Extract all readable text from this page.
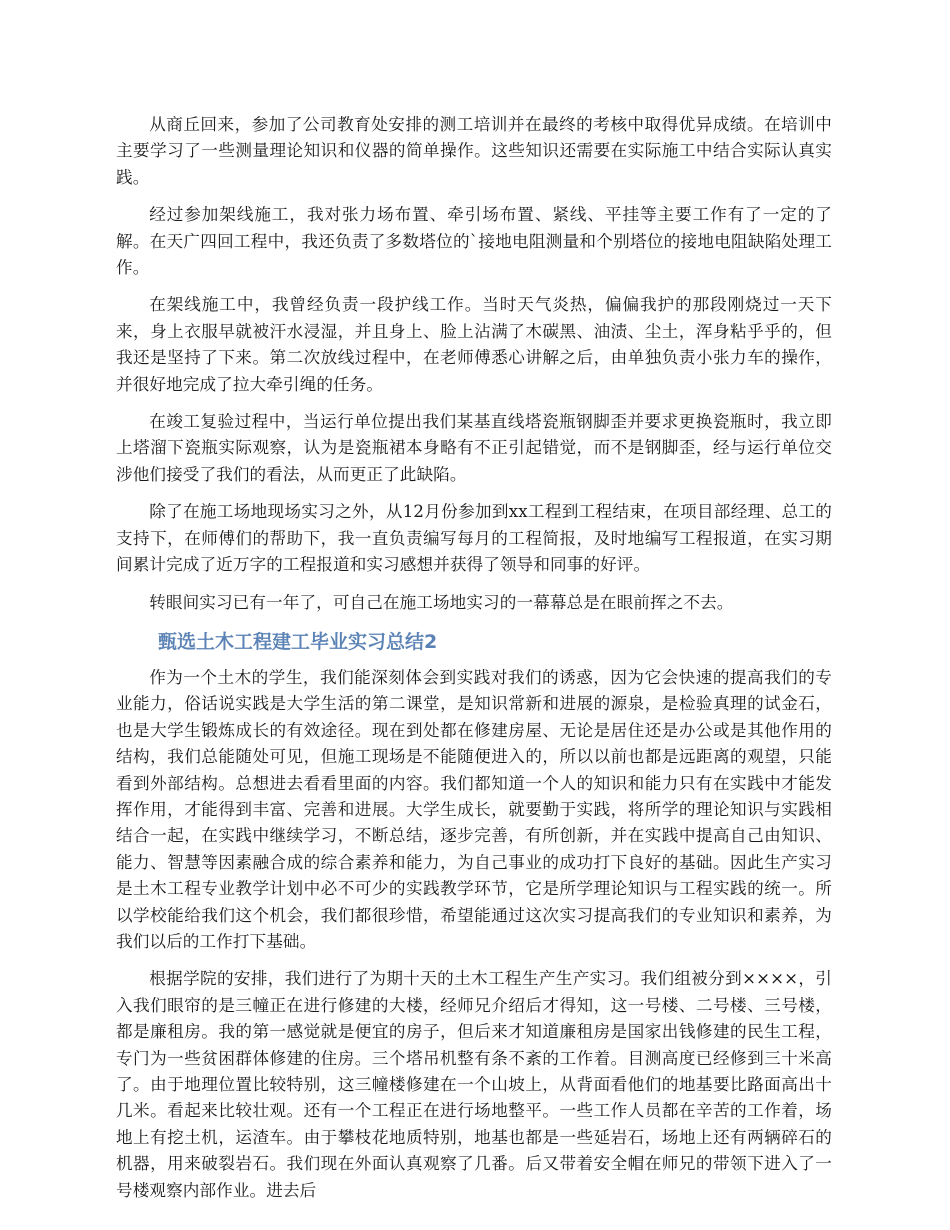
从商丘回来，参加了公司教育处安排的测工培训并在最终的考核中取得优异成绩。在培训中主要学习了一些测量理论知识和仪器的简单操作。这些知识还需要在实际施工中结合实际认真实践。

经过参加架线施工，我对张力场布置、牵引场布置、紧线、平挂等主要工作有了一定的了解。在天广四回工程中，我还负责了多数塔位的`接地电阻测量和个别塔位的接地电阻缺陷处理工作。

在架线施工中，我曾经负责一段护线工作。当时天气炎热，偏偏我护的那段刚烧过一天下来，身上衣服早就被汗水浸湿，并且身上、脸上沾满了木碳黑、油渍、尘土，浑身粘乎乎的，但我还是坚持了下来。第二次放线过程中，在老师傅悉心讲解之后，由单独负责小张力车的操作，并很好地完成了拉大牵引绳的任务。

在竣工复验过程中，当运行单位提出我们某基直线塔瓷瓶钢脚歪并要求更换瓷瓶时，我立即上塔溜下瓷瓶实际观察，认为是瓷瓶裙本身略有不正引起错觉，而不是钢脚歪，经与运行单位交涉他们接受了我们的看法，从而更正了此缺陷。

除了在施工场地现场实习之外，从12月份参加到xx工程到工程结束，在项目部经理、总工的支持下，在师傅们的帮助下，我一直负责编写每月的工程简报，及时地编写工程报道，在实习期间累计完成了近万字的工程报道和实习感想并获得了领导和同事的好评。

转眼间实习已有一年了，可自己在施工场地实习的一幕幕总是在眼前挥之不去。

甄选土木工程建工毕业实习总结2

作为一个土木的学生，我们能深刻体会到实践对我们的诱惑，因为它会快速的提高我们的专业能力，俗话说实践是大学生活的第二课堂，是知识常新和进展的源泉，是检验真理的试金石，也是大学生锻炼成长的有效途径。现在到处都在修建房屋、无论是居住还是办公或是其他作用的结构，我们总能随处可见，但施工现场是不能随便进入的，所以以前也都是远距离的观望，只能看到外部结构。总想进去看看里面的内容。我们都知道一个人的知识和能力只有在实践中才能发挥作用，才能得到丰富、完善和进展。大学生成长，就要勤于实践，将所学的理论知识与实践相结合一起，在实践中继续学习，不断总结，逐步完善，有所创新，并在实践中提高自己由知识、能力、智慧等因素融合成的综合素养和能力，为自己事业的成功打下良好的基础。因此生产实习是土木工程专业教学计划中必不可少的实践教学环节，它是所学理论知识与工程实践的统一。所以学校能给我们这个机会，我们都很珍惜，希望能通过这次实习提高我们的专业知识和素养，为我们以后的工作打下基础。

根据学院的安排，我们进行了为期十天的土木工程生产生产实习。我们组被分到××××，引入我们眼帘的是三幢正在进行修建的大楼，经师兄介绍后才得知，这一号楼、二号楼、三号楼，都是廉租房。我的第一感觉就是便宜的房子，但后来才知道廉租房是国家出钱修建的民生工程，专门为一些贫困群体修建的住房。三个塔吊机整有条不紊的工作着。目测高度已经修到三十米高了。由于地理位置比较特别，这三幢楼修建在一个山坡上，从背面看他们的地基要比路面高出十几米。看起来比较壮观。还有一个工程正在进行场地整平。一些工作人员都在辛苦的工作着，场地上有挖土机，运渣车。由于攀枝花地质特别，地基也都是一些延岩石，场地上还有两辆碎石的机器，用来破裂岩石。我们现在外面认真观察了几番。后又带着安全帽在师兄的带领下进入了一号楼观察内部作业。进去后
